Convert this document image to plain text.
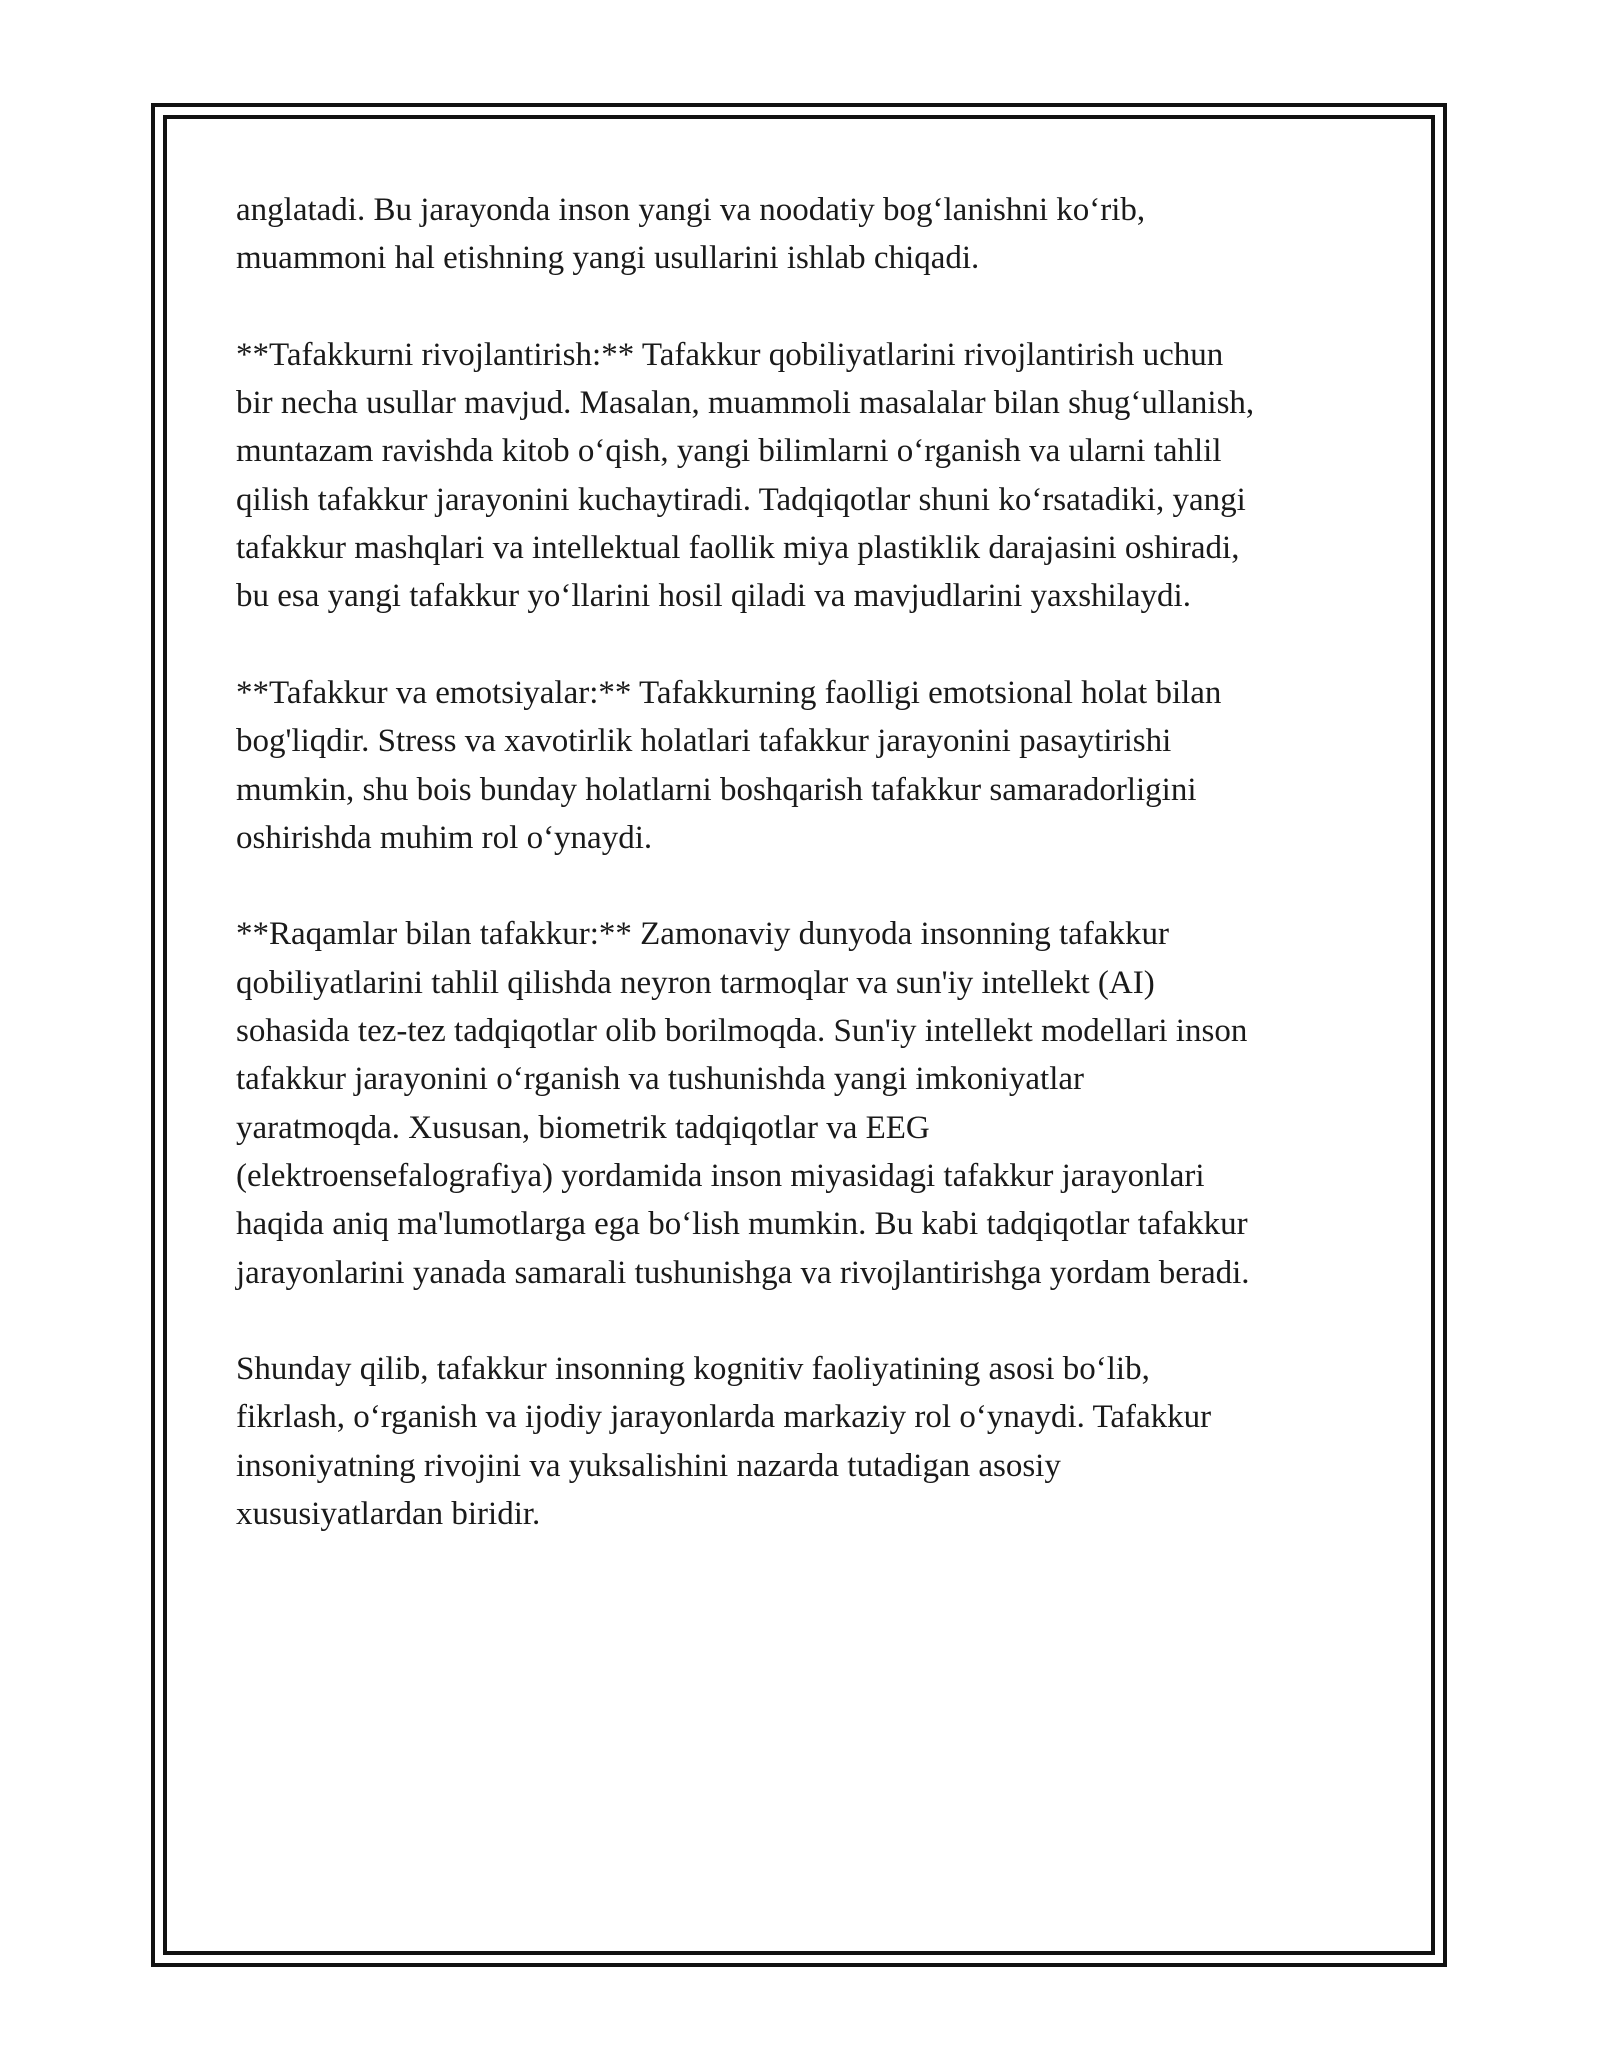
anglatadi. Bu jarayonda inson yangi va noodatiy bog‘lanishni ko‘rib,
muammoni hal etishning yangi usullarini ishlab chiqadi.

**Tafakkurni rivojlantirish:** Tafakkur qobiliyatlarini rivojlantirish uchun
bir necha usullar mavjud. Masalan, muammoli masalalar bilan shug‘ullanish,
muntazam ravishda kitob o‘qish, yangi bilimlarni o‘rganish va ularni tahlil
qilish tafakkur jarayonini kuchaytiradi. Tadqiqotlar shuni ko‘rsatadiki, yangi
tafakkur mashqlari va intellektual faollik miya plastiklik darajasini oshiradi,
bu esa yangi tafakkur yo‘llarini hosil qiladi va mavjudlarini yaxshilaydi.

**Tafakkur va emotsiyalar:** Tafakkurning faolligi emotsional holat bilan
bog'liqdir. Stress va xavotirlik holatlari tafakkur jarayonini pasaytirishi
mumkin, shu bois bunday holatlarni boshqarish tafakkur samaradorligini
oshirishda muhim rol o‘ynaydi.

**Raqamlar bilan tafakkur:** Zamonaviy dunyoda insonning tafakkur
qobiliyatlarini tahlil qilishda neyron tarmoqlar va sun'iy intellekt (AI)
sohasida tez-tez tadqiqotlar olib borilmoqda. Sun'iy intellekt modellari inson
tafakkur jarayonini o‘rganish va tushunishda yangi imkoniyatlar
yaratmoqda. Xususan, biometrik tadqiqotlar va EEG
(elektroensefalografiya) yordamida inson miyasidagi tafakkur jarayonlari
haqida aniq ma'lumotlarga ega bo‘lish mumkin. Bu kabi tadqiqotlar tafakkur
jarayonlarini yanada samarali tushunishga va rivojlantirishga yordam beradi.

Shunday qilib, tafakkur insonning kognitiv faoliyatining asosi bo‘lib,
fikrlash, o‘rganish va ijodiy jarayonlarda markaziy rol o‘ynaydi. Tafakkur
insoniyatning rivojini va yuksalishini nazarda tutadigan asosiy
xususiyatlardan biridir.
